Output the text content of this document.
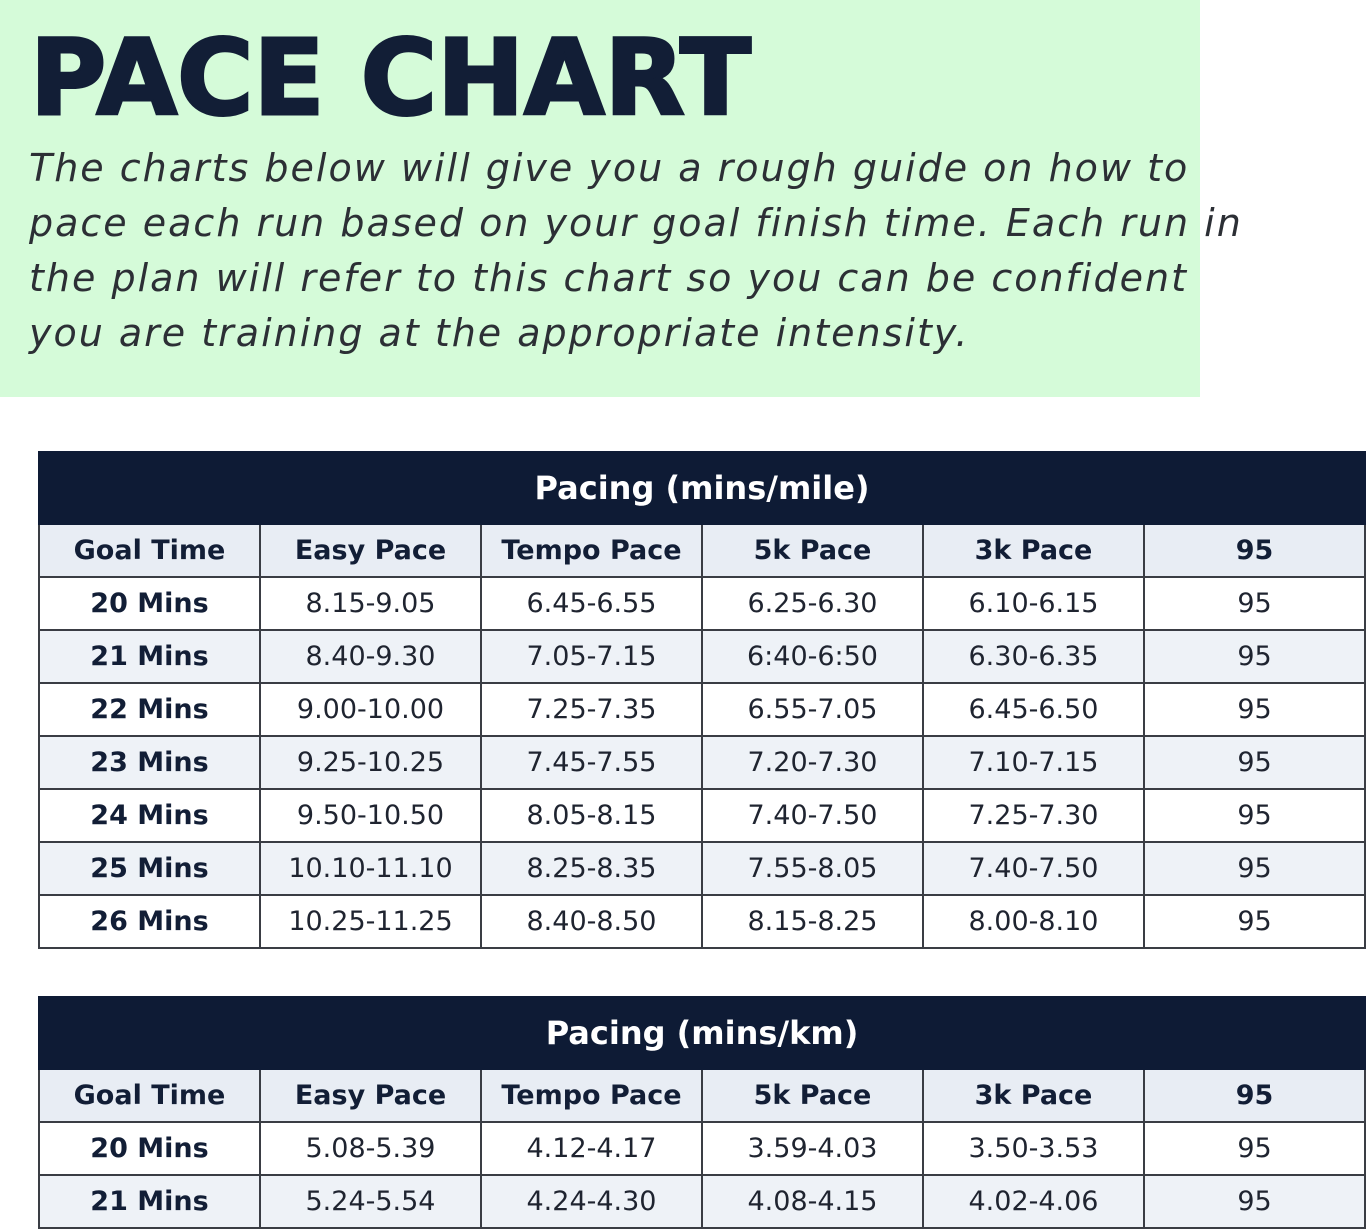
PACE CHART

The charts below will give you a rough guide on how to
pace each run based on your goal finish time. Each run in
the plan will refer to this chart so you can be confident
you are training at the appropriate intensity.

Pacing (mins/mile)					
Goal Time	Easy Pace	Tempo Pace	5k Pace	3k Pace	95
20 Mins	8.15-9.05	6.45-6.55	6.25-6.30	6.10-6.15	95
21 Mins	8.40-9.30	7.05-7.15	6:40-6:50	6.30-6.35	95
22 Mins	9.00-10.00	7.25-7.35	6.55-7.05	6.45-6.50	95
23 Mins	9.25-10.25	7.45-7.55	7.20-7.30	7.10-7.15	95
24 Mins	9.50-10.50	8.05-8.15	7.40-7.50	7.25-7.30	95
25 Mins	10.10-11.10	8.25-8.35	7.55-8.05	7.40-7.50	95
26 Mins	10.25-11.25	8.40-8.50	8.15-8.25	8.00-8.10	95
Pacing (mins/km)					
Goal Time	Easy Pace	Tempo Pace	5k Pace	3k Pace	95
20 Mins	5.08-5.39	4.12-4.17	3.59-4.03	3.50-3.53	95
21 Mins	5.24-5.54	4.24-4.30	4.08-4.15	4.02-4.06	95
